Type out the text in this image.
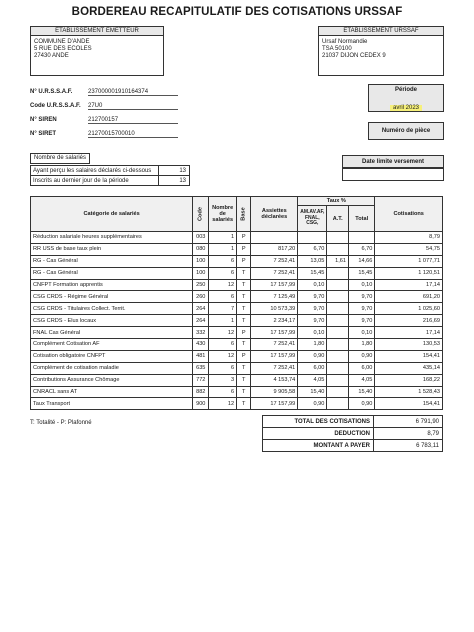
BORDEREAU RECAPITULATIF DES COTISATIONS URSSAF
ETABLISSEMENT EMETTEUR
COMMUNE D'ANDE
5 RUE DES ECOLES
27430 ANDE
ETABLISSEMENT URSSAF
Ursaf Normandie
TSA 50100
21037 DIJON CEDEX 9
N° U.R.S.S.A.F.	237000001910164374
Code U.R.S.S.A.F.	27U0
N° SIREN	212700157
N° SIRET	21270015700010
Période
avril 2023
Numéro de pièce
Nombre de salariés
Ayant perçu les salaires déclarés ci-dessous	13
Inscrits au dernier jour de la période	13
Date limite versement
Catégorie de salariés	Code	Nombre de salariés	Base	Assiettes déclarées	Taux %			Cotisations
					AM.AV.AF, FNAL, CSG,	A.T.	Total	
Réduction salariale heures supplémentaires	003	1	P					8,79
RR USS de base taux plein	080	1	P	817,20	6,70		6,70	54,75
RG - Cas Général	100	6	P	7 252,41	13,05	1,61	14,66	1 077,71
RG - Cas Général	100	6	T	7 252,41	15,45		15,45	1 120,51
CNFPT Formation apprentis	250	12	T	17 157,99	0,10		0,10	17,14
CSG CRDS - Régime Général	260	6	T	7 125,49	9,70		9,70	691,20
CSG CRDS - Titulaires Collect. Territ.	264	7	T	10 573,39	9,70		9,70	1 025,60
CSG CRDS - Elus locaux	264	1	T	2 234,17	9,70		9,70	216,69
FNAL Cas Général	332	12	P	17 157,99	0,10		0,10	17,14
Complément Cotisation AF	430	6	T	7 252,41	1,80		1,80	130,53
Cotisation obligatoire CNFPT	481	12	P	17 157,99	0,90		0,90	154,41
Complément de cotisation maladie	635	6	T	7 252,41	6,00		6,00	435,14
Contributions Assurance Chômage	772	3	T	4 153,74	4,05		4,05	168,22
CNRACL sans AT	882	6	T	9 905,58	15,40		15,40	1 528,43
Taux Transport	900	12	T	17 157,99	0,90		0,90	154,41
T: Totalité - P: Plafonné	TOTAL DES COTISATIONS	6 791,90
DEDUCTION	8,79
MONTANT A PAYER	6 783,11
